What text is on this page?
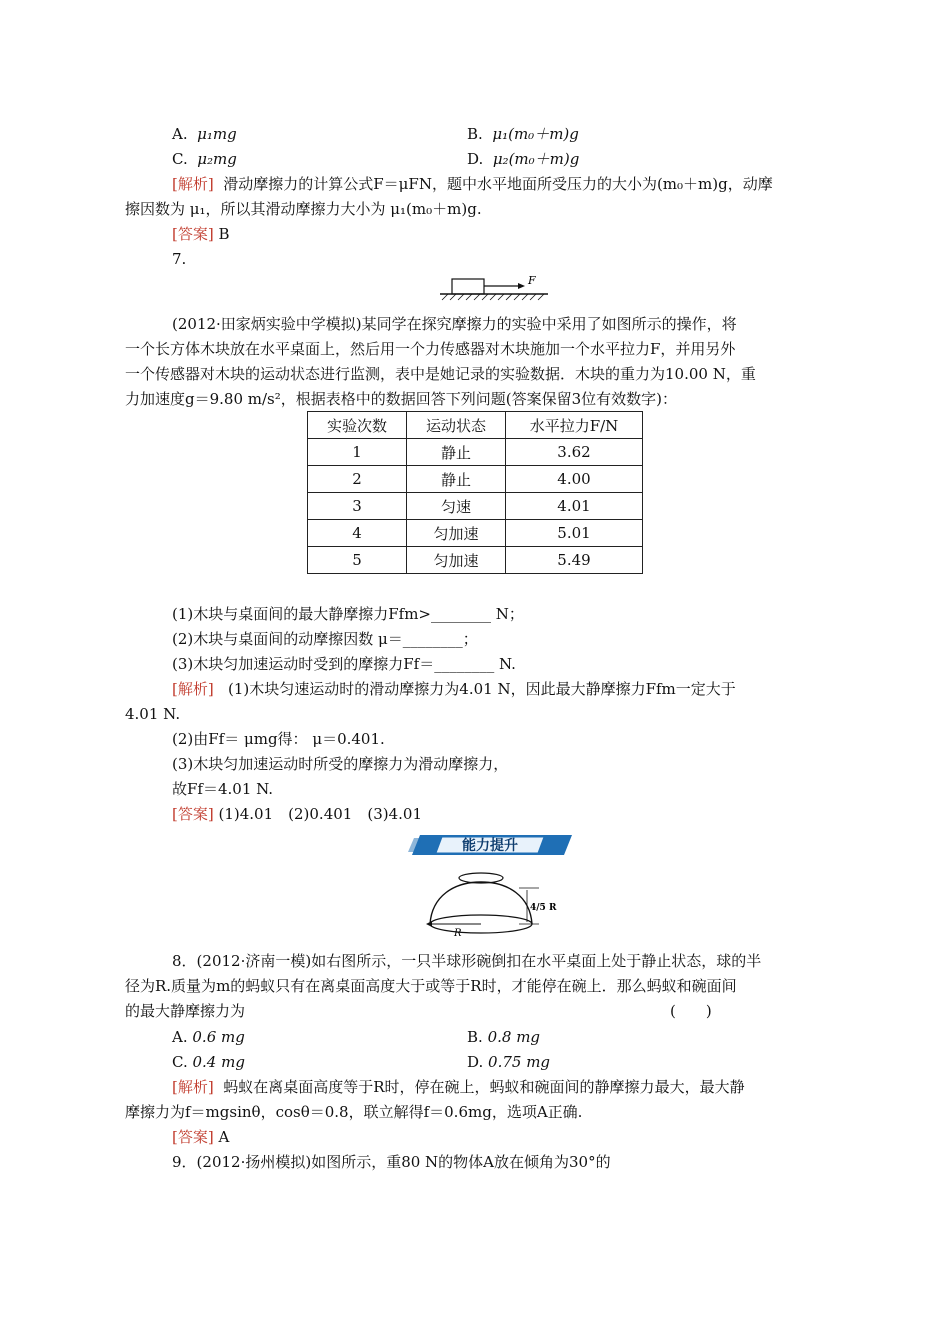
A. μ₁mg	B. μ₁(m₀＋m)g
C. μ₂mg	D. μ₂(m₀＋m)g
[解析] 滑动摩擦力的计算公式F＝μFN，题中水平地面所受压力的大小为(m₀＋m)g，动摩
擦因数为 μ₁，所以其滑动摩擦力大小为 μ₁(m₀＋m)g.
[答案] B
7.
F
(2012·田家炳实验中学模拟)某同学在探究摩擦力的实验中采用了如图所示的操作，将
一个长方体木块放在水平桌面上，然后用一个力传感器对木块施加一个水平拉力F，并用另外
一个传感器对木块的运动状态进行监测，表中是她记录的实验数据．木块的重力为10.00 N，重
力加速度g＝9.80 m/s²，根据表格中的数据回答下列问题(答案保留3位有效数字)：
实验次数	运动状态	水平拉力F/N
1	静止	3.62
2	静止	4.00
3	匀速	4.01
4	匀加速	5.01
5	匀加速	5.49
(1)木块与桌面间的最大静摩擦力Ffm>________ N；
(2)木块与桌面间的动摩擦因数 μ＝________；
(3)木块匀加速运动时受到的摩擦力Ff＝________ N.
[解析] (1)木块匀速运动时的滑动摩擦力为4.01 N，因此最大静摩擦力Ffm一定大于
4.01 N.
(2)由Ff＝ μmg得： μ＝0.401.
(3)木块匀加速运动时所受的摩擦力为滑动摩擦力，
故Ff＝4.01 N.
[答案] (1)4.01　(2)0.401　(3)4.01
能力提升
R
4/5 R
8．(2012·济南一模)如右图所示，一只半球形碗倒扣在水平桌面上处于静止状态，球的半
径为R.质量为m的蚂蚁只有在离桌面高度大于或等于R时，才能停在碗上．那么蚂蚁和碗面间
的最大静摩擦力为	(　　)
A. 0.6 mg	B. 0.8 mg
C. 0.4 mg	D. 0.75 mg
[解析] 蚂蚁在离桌面高度等于R时，停在碗上，蚂蚁和碗面间的静摩擦力最大，最大静
摩擦力为f＝mgsinθ，cosθ＝0.8，联立解得f＝0.6mg，选项A正确.
[答案] A
9．(2012·扬州模拟)如图所示，重80 N的物体A放在倾角为30°的
